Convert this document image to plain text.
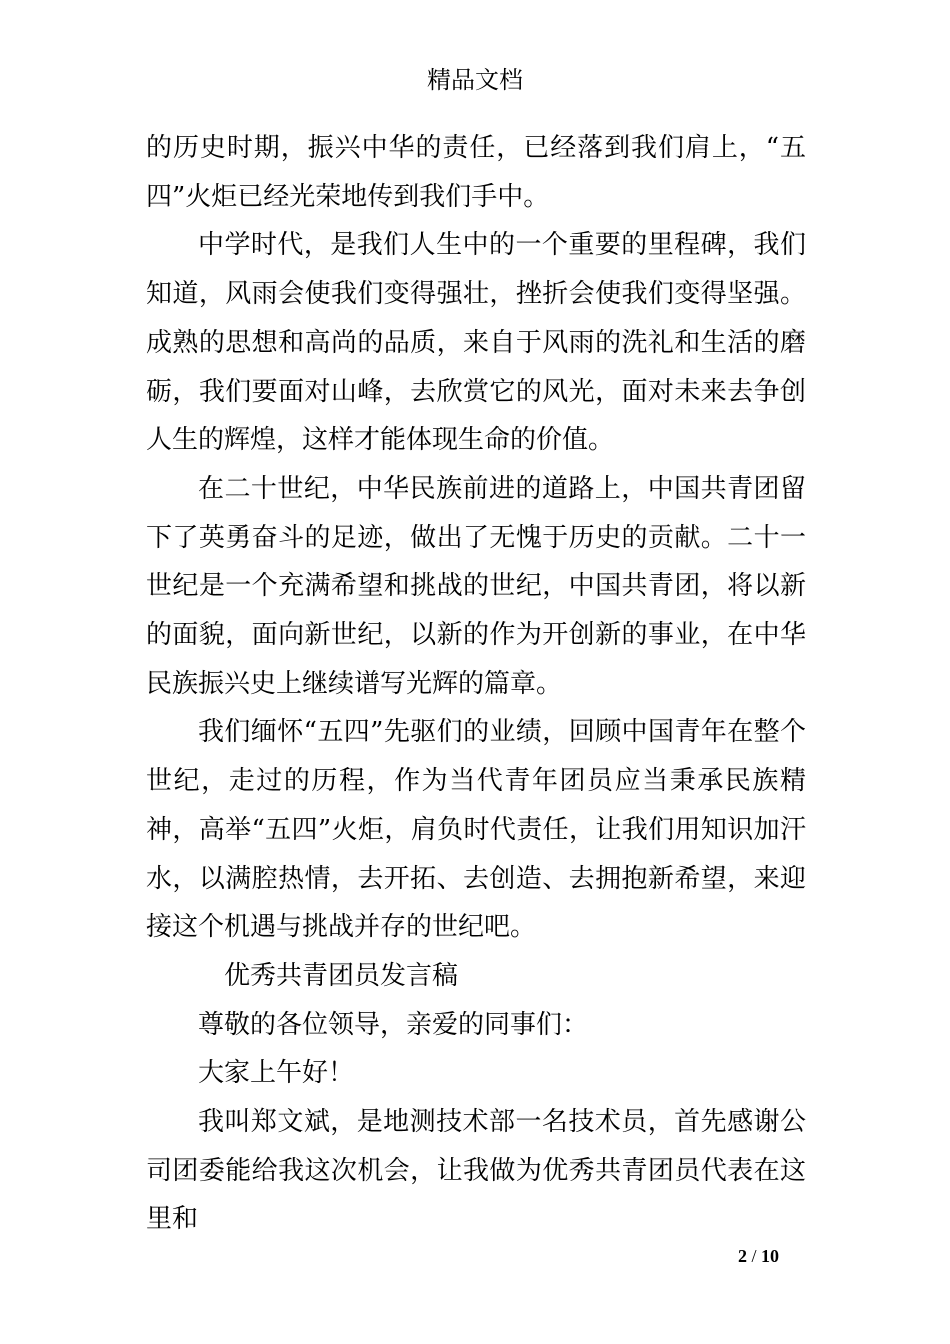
精品文档

的历史时期，振兴中华的责任，已经落到我们肩上，“五四”火炬已经光荣地传到我们手中。

中学时代，是我们人生中的一个重要的里程碑，我们知道，风雨会使我们变得强壮，挫折会使我们变得坚强。成熟的思想和高尚的品质，来自于风雨的洗礼和生活的磨砺，我们要面对山峰，去欣赏它的风光，面对未来去争创人生的辉煌，这样才能体现生命的价值。

在二十世纪，中华民族前进的道路上，中国共青团留下了英勇奋斗的足迹，做出了无愧于历史的贡献。二十一世纪是一个充满希望和挑战的世纪，中国共青团，将以新的面貌，面向新世纪，以新的作为开创新的事业，在中华民族振兴史上继续谱写光辉的篇章。

我们缅怀“五四”先驱们的业绩，回顾中国青年在整个世纪，走过的历程，作为当代青年团员应当秉承民族精神，高举“五四”火炬，肩负时代责任，让我们用知识加汗水，以满腔热情，去开拓、去创造、去拥抱新希望，来迎接这个机遇与挑战并存的世纪吧。

优秀共青团员发言稿

尊敬的各位领导，亲爱的同事们：

大家上午好！

我叫郑文斌，是地测技术部一名技术员，首先感谢公司团委能给我这次机会，让我做为优秀共青团员代表在这里和

2 / 10
